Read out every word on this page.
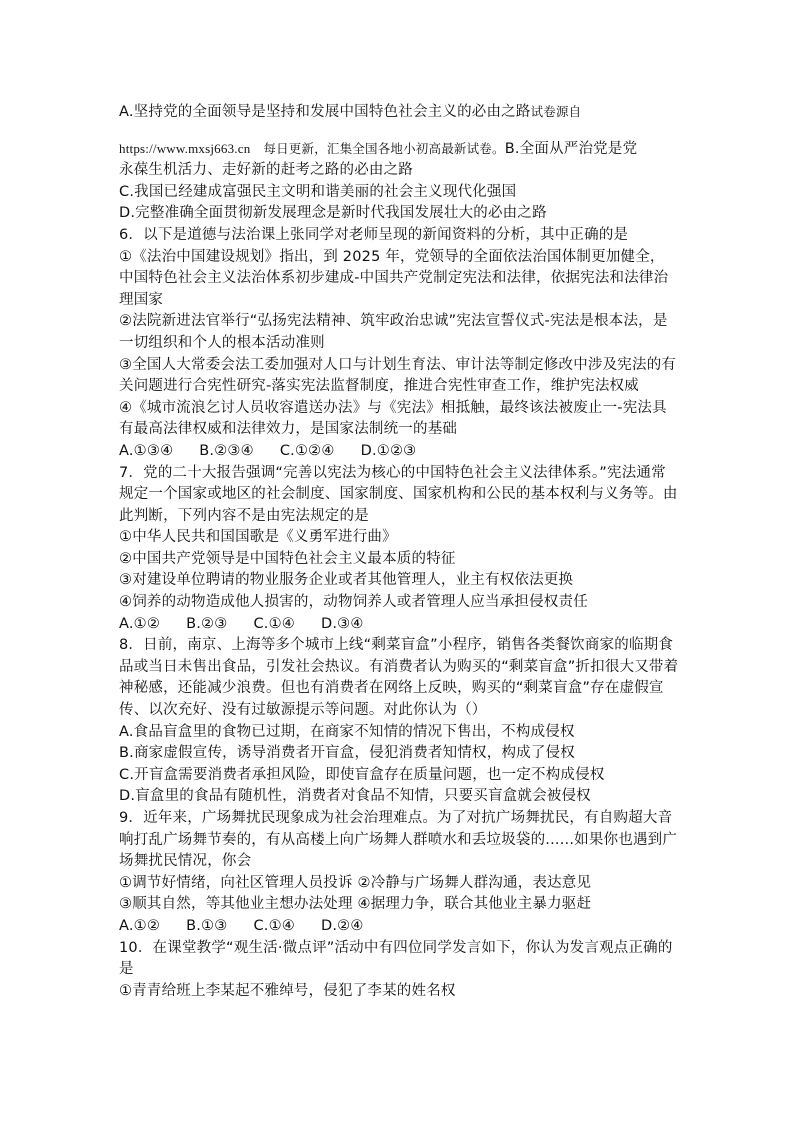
A.坚持党的全面领导是坚持和发展中国特色社会主义的必由之路试卷源自

https://www.mxsj663.cn 每日更新，汇集全国各地小初高最新试卷。B.全面从严治党是党

永葆生机活力、走好新的赶考之路的必由之路

C.我国已经建成富强民主文明和谐美丽的社会主义现代化强国

D.完整准确全面贯彻新发展理念是新时代我国发展壮大的必由之路

6．以下是道德与法治课上张同学对老师呈现的新闻资料的分析，其中正确的是

①《法治中国建设规划》指出，到 2025 年，党领导的全面依法治国体制更加健全，中国特色社会主义法治体系初步建成-中国共产党制定宪法和法律，依据宪法和法律治理国家

②法院新进法官举行“弘扬宪法精神、筑牢政治忠诚”宪法宣誓仪式-宪法是根本法，是一切组织和个人的根本活动准则

③全国人大常委会法工委加强对人口与计划生育法、审计法等制定修改中涉及宪法的有关问题进行合宪性研究-落实宪法监督制度，推进合宪性审查工作，维护宪法权威

④《城市流浪乞讨人员收容遣送办法》与《宪法》相抵触，最终该法被废止一-宪法具有最高法律权威和法律效力，是国家法制统一的基础

A.①③④ B.②③④ C.①②④ D.①②③

7．党的二十大报告强调“完善以宪法为核心的中国特色社会主义法律体系。”宪法通常规定一个国家或地区的社会制度、国家制度、国家机构和公民的基本权利与义务等。由此判断，下列内容不是由宪法规定的是

①中华人民共和国国歌是《义勇军进行曲》

②中国共产党领导是中国特色社会主义最本质的特征

③对建设单位聘请的物业服务企业或者其他管理人，业主有权依法更换

④饲养的动物造成他人损害的，动物饲养人或者管理人应当承担侵权责任

A.①② B.②③ C.①④ D.③④

8．日前，南京、上海等多个城市上线“剩菜盲盒”小程序，销售各类餐饮商家的临期食品或当日未售出食品，引发社会热议。有消费者认为购买的“剩菜盲盒”折扣很大又带着神秘感，还能减少浪费。但也有消费者在网络上反映，购买的“剩菜盲盒”存在虚假宣传、以次充好、没有过敏源提示等问题。对此你认为（）

A.食品盲盒里的食物已过期，在商家不知情的情况下售出，不构成侵权

B.商家虚假宣传，诱导消费者开盲盒，侵犯消费者知情权，构成了侵权

C.开盲盒需要消费者承担风险，即使盲盒存在质量问题，也一定不构成侵权

D.盲盒里的食品有随机性，消费者对食品不知情，只要买盲盒就会被侵权

9．近年来，广场舞扰民现象成为社会治理难点。为了对抗广场舞扰民，有自购超大音响打乱广场舞节奏的，有从高楼上向广场舞人群喷水和丢垃圾袋的......如果你也遇到广场舞扰民情况，你会

①调节好情绪，向社区管理人员投诉 ②冷静与广场舞人群沟通，表达意见

③顺其自然，等其他业主想办法处理 ④据理力争，联合其他业主暴力驱赶

A.①② B.①③ C.①④ D.②④

10．在课堂教学“观生活·微点评”活动中有四位同学发言如下，你认为发言观点正确的是

①青青给班上李某起不雅绰号，侵犯了李某的姓名权
